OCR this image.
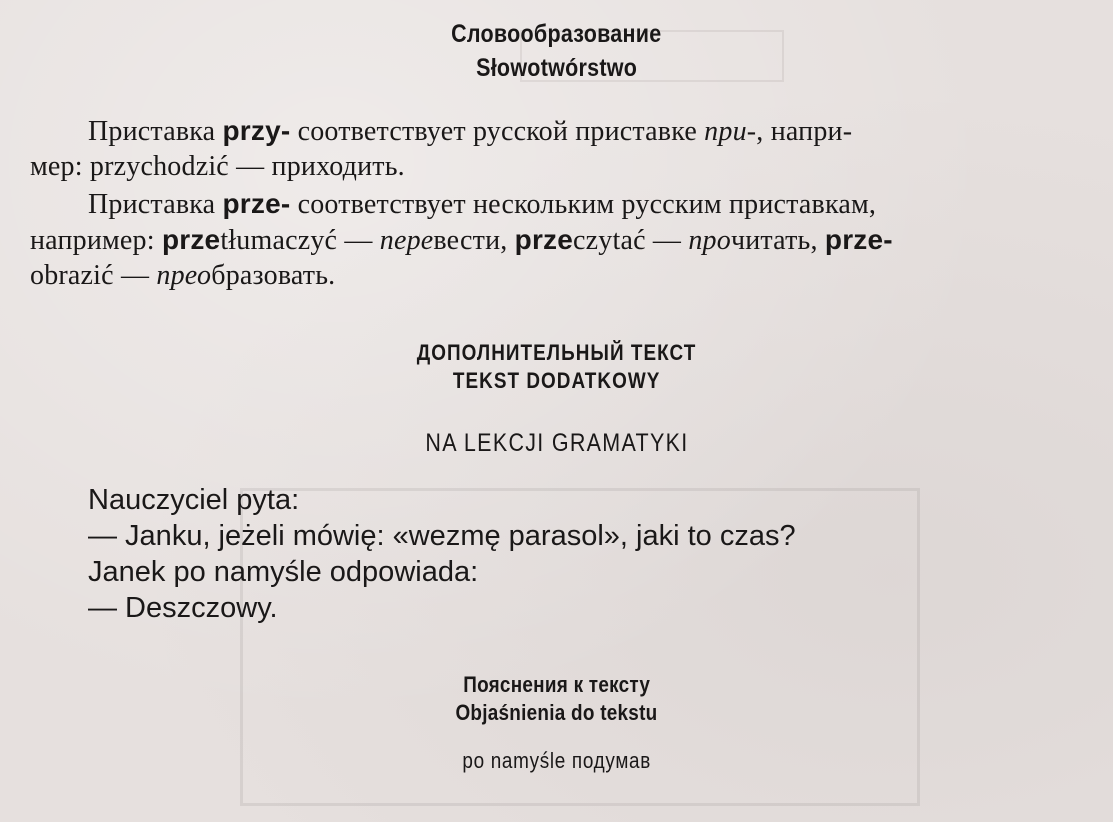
Словообразование
Słowotwórstwo
Приставка przy- соответствует русской приставке при-, напри-
мер: przychodzić — приходить.
Приставка prze- соответствует нескольким русским приставкам,
например: przetłumaczyć — перевести, przeczytać — прочитать, prze-
obrazić — преобразовать.
ДОПОЛНИТЕЛЬНЫЙ ТЕКСТ
TEKST DODATKOWY
NA LEKCJI GRAMATYKI
Nauczyciel pyta:
— Janku, jeżeli mówię: «wezmę parasol», jaki to czas?
Janek po namyśle odpowiada:
— Deszczowy.
Пояснения к тексту
Objaśnienia do tekstu
po namyśle подумав
